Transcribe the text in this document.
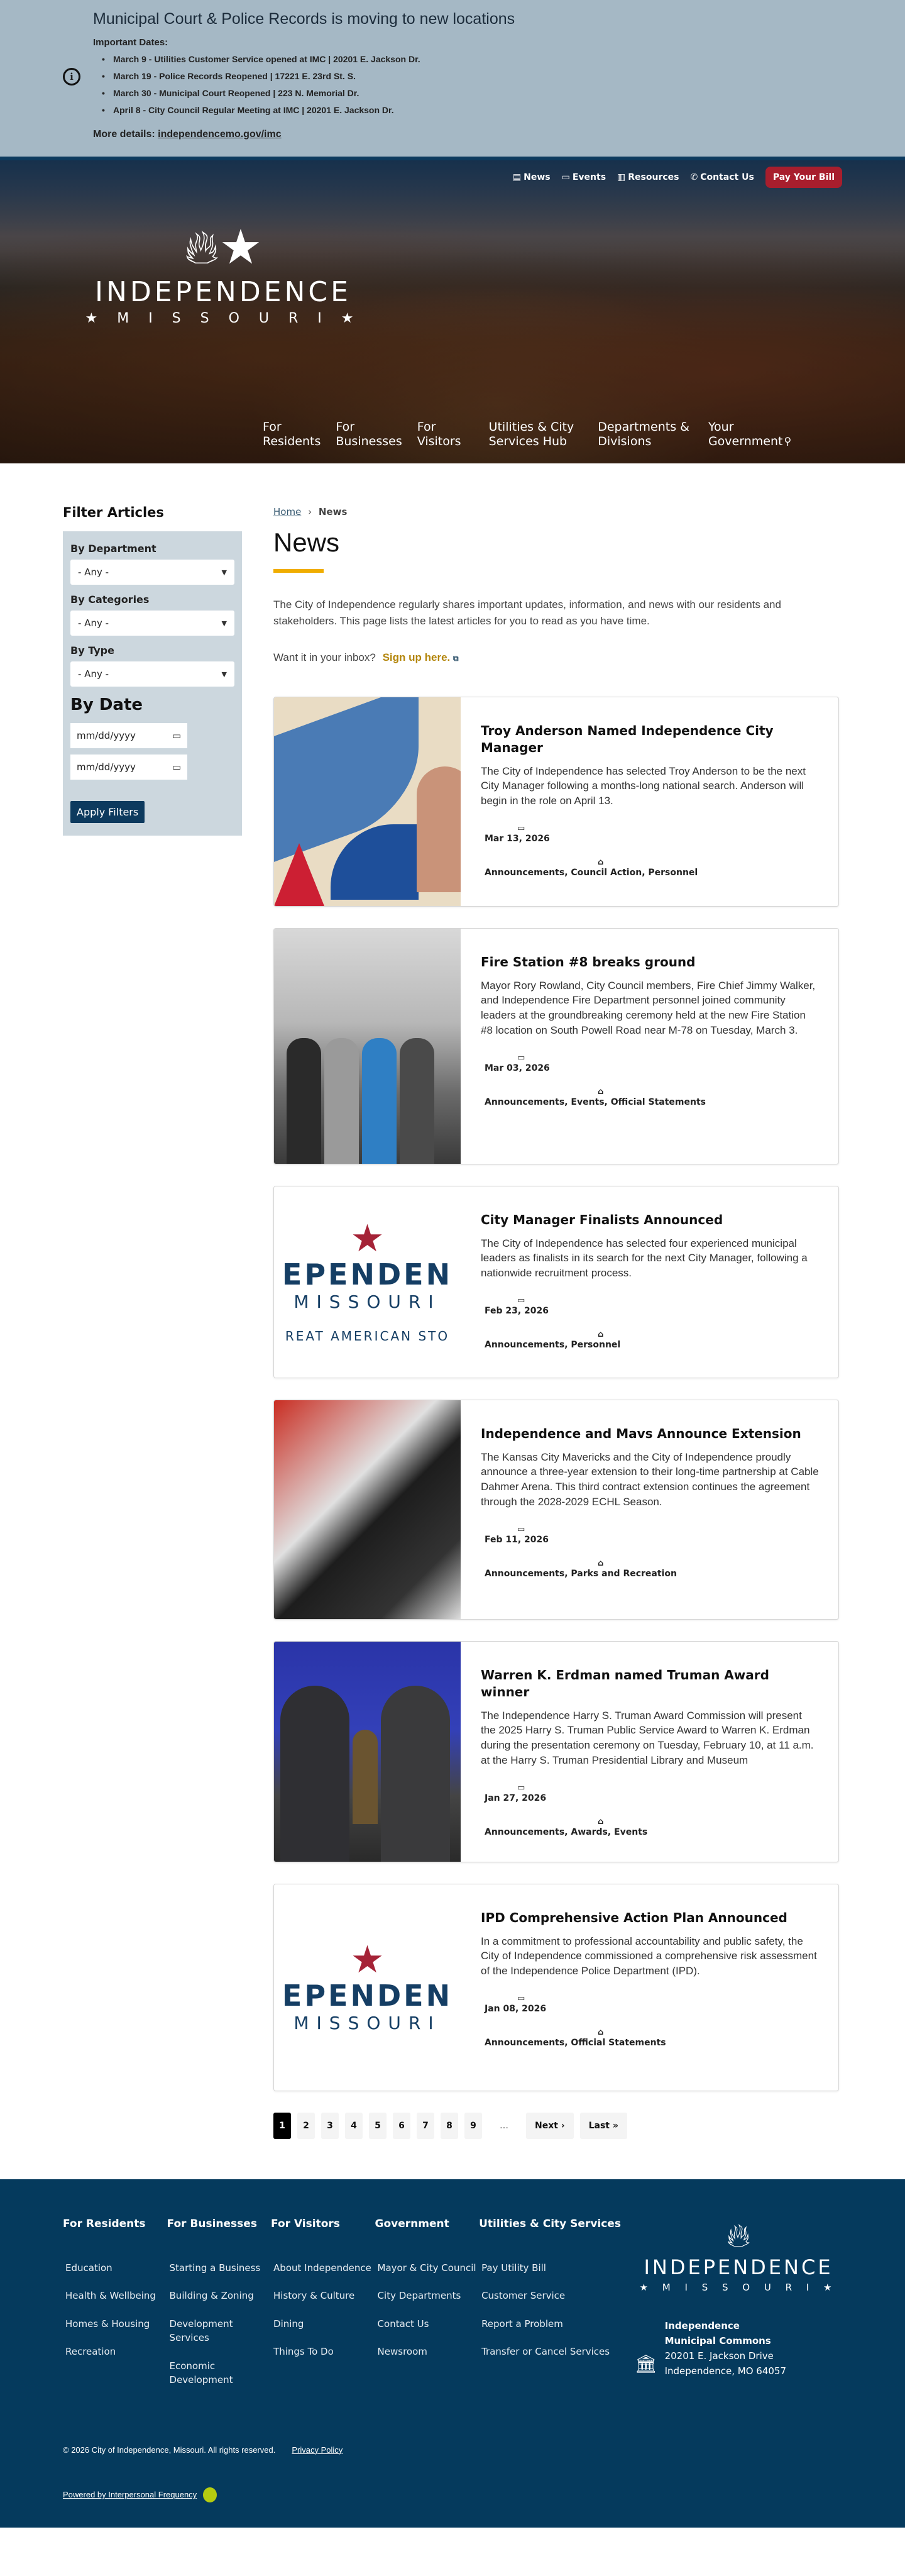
i
Municipal Court & Police Records is moving to new locations
Important Dates:
• March 9 - Utilities Customer Service opened at IMC | 20201 E. Jackson Dr.
• March 19 - Police Records Reopened | 17221 E. 23rd St. S.
• March 30 - Municipal Court Reopened | 223 N. Memorial Dr.
• April 8 - City Council Regular Meeting at IMC | 20201 E. Jackson Dr.
More details: independencemo.gov/imc
▤ News ▭ Events ▥ Resources ✆ Contact Us	Pay Your Bill
🔥︎★
INDEPENDENCE
★ M I S S O U R I ★
For
Residents
For
Businesses
For
Visitors
Utilities & City
Services Hub
Departments &
Divisions
Your
Government ⚲
Filter Articles
By Department
- Any -	▼
By Categories
- Any -	▼
By Type
- Any -	▼
By Date
mm/dd/yyyy	▭
mm/dd/yyyy	▭
Apply Filters
Home › News
News

The City of Independence regularly shares important updates, information, and news with our residents and stakeholders. This page lists the latest articles for you to read as you have time.

Want it in your inbox? Sign up here. ⧉

Troy Anderson Named Independence City Manager

The City of Independence has selected Troy Anderson to be the next City Manager following a months-long national search. Anderson will begin in the role on April 13.

▭
Mar 13, 2026
⌂
Announcements, Council Action, Personnel
Fire Station #8 breaks ground

Mayor Rory Rowland, City Council members, Fire Chief Jimmy Walker, and Independence Fire Department personnel joined community leaders at the groundbreaking ceremony held at the new Fire Station #8 location on South Powell Road near M-78 on Tuesday, March 3.

▭
Mar 03, 2026
⌂
Announcements, Events, Official Statements
★
EPENDEN
MISSOURI
REAT AMERICAN STO
City Manager Finalists Announced

The City of Independence has selected four experienced municipal leaders as finalists in its search for the next City Manager, following a nationwide recruitment process.

▭
Feb 23, 2026
⌂
Announcements, Personnel
Independence and Mavs Announce Extension

The Kansas City Mavericks and the City of Independence proudly announce a three-year extension to their long-time partnership at Cable Dahmer Arena. This third contract extension continues the agreement through the 2028-2029 ECHL Season.

▭
Feb 11, 2026
⌂
Announcements, Parks and Recreation
Warren K. Erdman named Truman Award winner

The Independence Harry S. Truman Award Commission will present the 2025 Harry S. Truman Public Service Award to Warren K. Erdman during the presentation ceremony on Tuesday, February 10, at 11 a.m. at the Harry S. Truman Presidential Library and Museum

▭
Jan 27, 2026
⌂
Announcements, Awards, Events
★
EPENDEN
MISSOURI
IPD Comprehensive Action Plan Announced

In a commitment to professional accountability and public safety, the City of Independence commissioned a comprehensive risk assessment of the Independence Police Department (IPD).

▭
Jan 08, 2026
⌂
Announcements, Official Statements
1	2	3	4	5	6	7	8	9	…	Next ›	Last »
For Residents
Education
Health & Wellbeing
Homes & Housing
Recreation
For Businesses
Starting a Business
Building & Zoning
Development Services
Economic Development
For Visitors
About Independence
History & Culture
Dining
Things To Do
Government
Mayor & City Council
City Departments
Contact Us
Newsroom
Utilities & City Services
Pay Utility Bill
Customer Service
Report a Problem
Transfer or Cancel Services
🔥︎
INDEPENDENCE
★ M I S S O U R I ★
🏛︎
Independence Municipal Commons
20201 E. Jackson Drive
Independence, MO 64057
© 2026 City of Independence, Missouri. All rights reserved. Privacy Policy
Powered by Interpersonal Frequency
